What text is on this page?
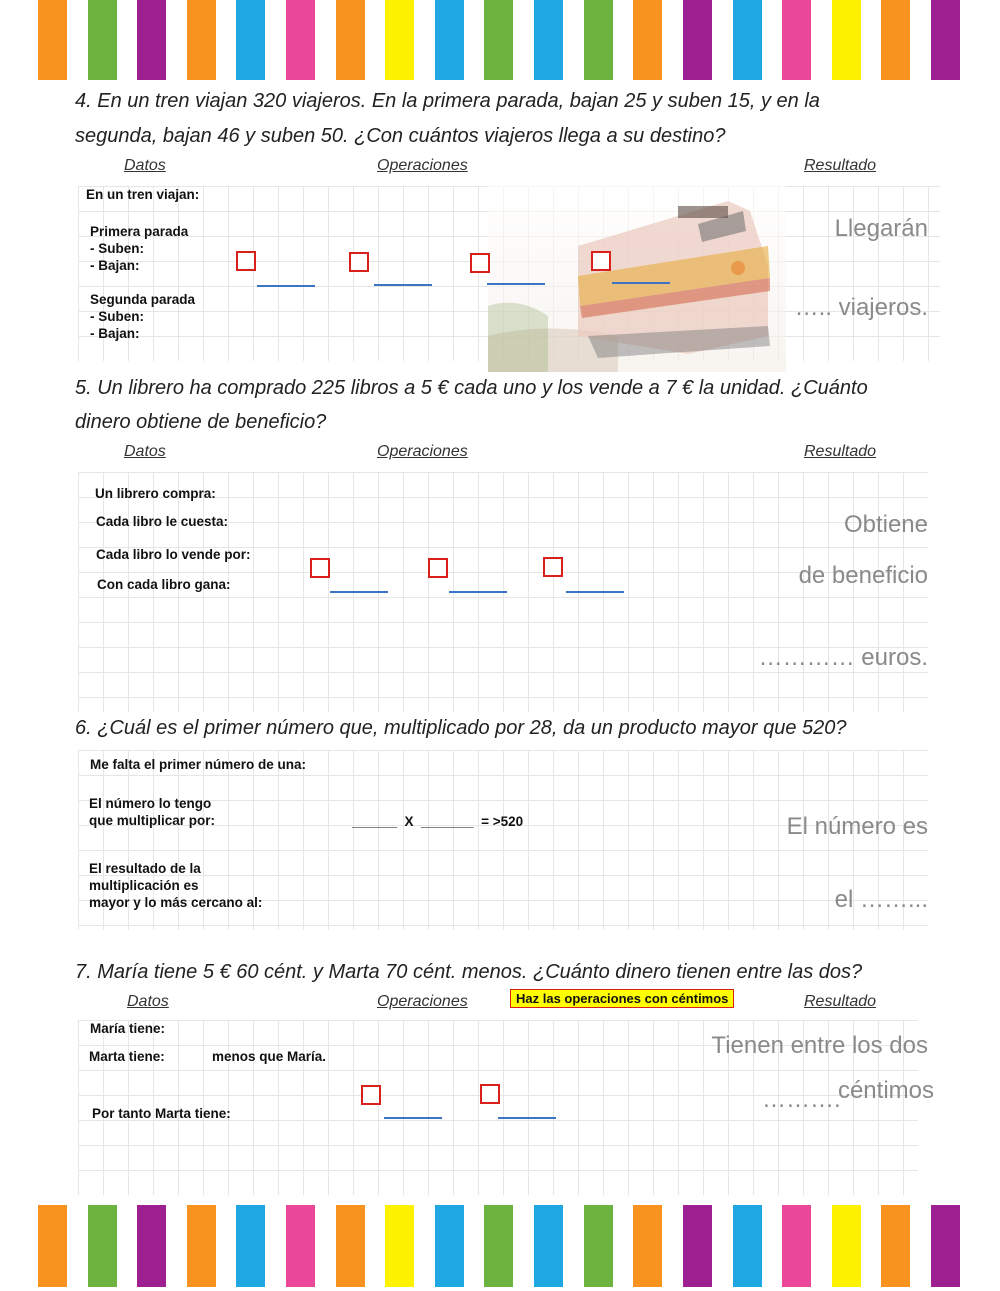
4. En un tren viajan 320 viajeros. En la primera parada, bajan 25 y suben 15, y en la
segunda, bajan 46 y suben 50. ¿Con cuántos viajeros llega a su destino?
Datos	Operaciones	Resultado
En un tren viajan:
Primera parada
- Suben:
- Bajan:
Segunda parada
- Suben:
- Bajan:
Llegarán
….. viajeros.
5. Un librero ha comprado 225 libros a 5 € cada uno y los vende a 7 € la unidad. ¿Cuánto
dinero obtiene de beneficio?
Datos	Operaciones	Resultado
Un librero compra:
Cada libro le cuesta:
Cada libro lo vende por:
Con cada libro gana:
Obtiene
de beneficio
………… euros.
6. ¿Cuál es el primer número que, multiplicado por 28, da un producto mayor que 520?
Me falta el primer número de una:
El número lo tengo
que multiplicar por:	______  X  _______  = >520
El resultado de la
multiplicación es
mayor y lo más cercano al:
El número es
el ……...
7. María tiene 5 € 60 cént. y Marta 70 cént. menos. ¿Cuánto dinero tienen entre las dos?
Datos	Operaciones	Resultado
Haz las operaciones con céntimos
María tiene:
Marta tiene:	menos que María.
Por tanto Marta tiene:
Tienen entre los dos
……….
céntimos
